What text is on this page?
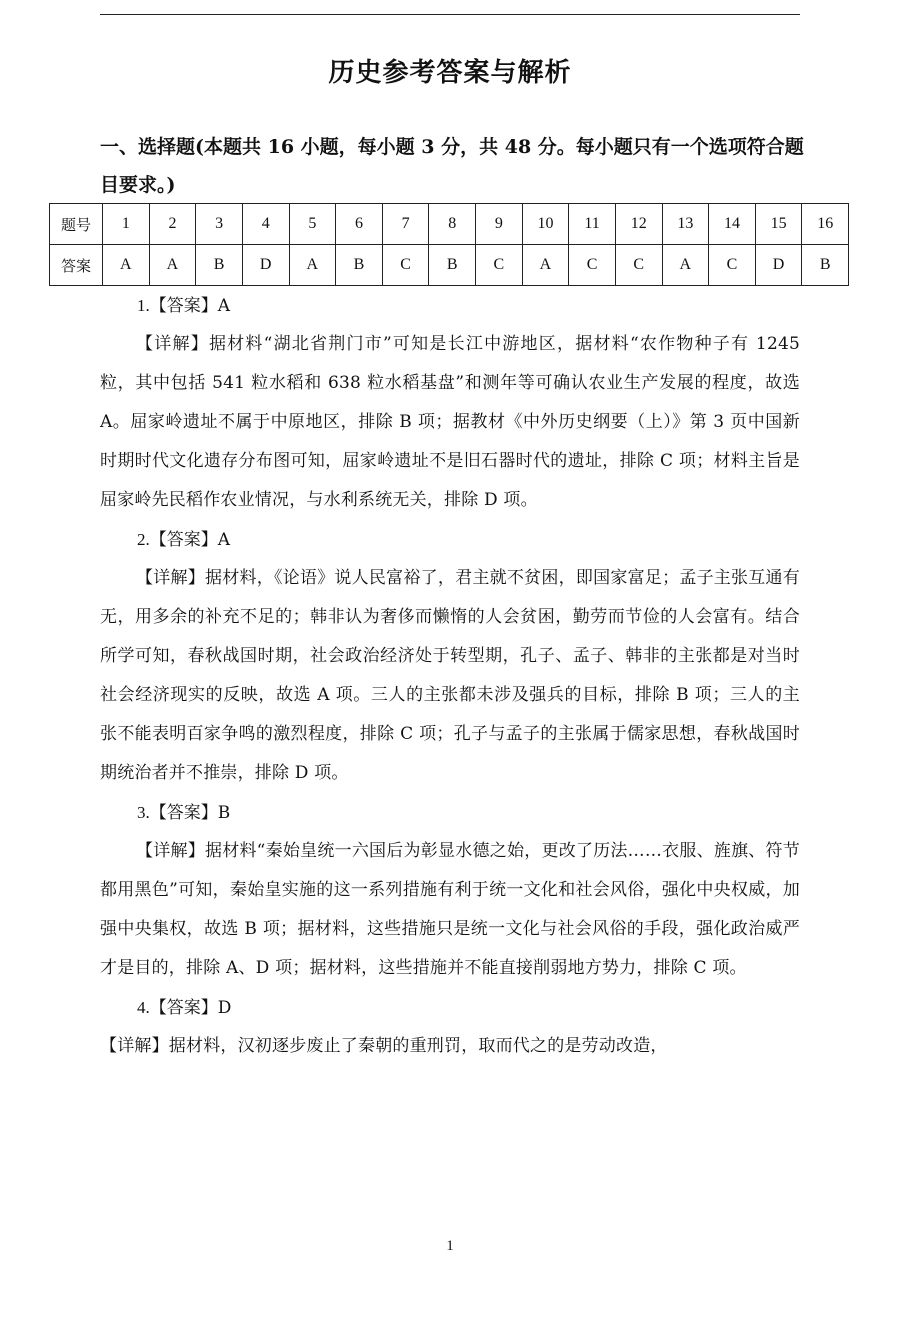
历史参考答案与解析
一、选择题(本题共 16 小题，每小题 3 分，共 48 分。每小题只有一个选项符合题目要求。)
题号	1	2	3	4	5	6	7	8	9	10	11	12	13	14	15	16
答案	A	A	B	D	A	B	C	B	C	A	C	C	A	C	D	B
1.【答案】A

【详解】据材料“湖北省荆门市”可知是长江中游地区，据材料“农作物种子有 1245 粒，其中包括 541 粒水稻和 638 粒水稻基盘”和测年等可确认农业生产发展的程度，故选 A。屈家岭遗址不属于中原地区，排除 B 项；据教材《中外历史纲要（上）》第 3 页中国新时期时代文化遗存分布图可知，屈家岭遗址不是旧石器时代的遗址，排除 C 项；材料主旨是屈家岭先民稻作农业情况，与水利系统无关，排除 D 项。

2.【答案】A

【详解】据材料，《论语》说人民富裕了，君主就不贫困，即国家富足；孟子主张互通有无，用多余的补充不足的；韩非认为奢侈而懒惰的人会贫困，勤劳而节俭的人会富有。结合所学可知，春秋战国时期，社会政治经济处于转型期，孔子、孟子、韩非的主张都是对当时社会经济现实的反映，故选 A 项。三人的主张都未涉及强兵的目标，排除 B 项；三人的主张不能表明百家争鸣的激烈程度，排除 C 项；孔子与孟子的主张属于儒家思想，春秋战国时期统治者并不推崇，排除 D 项。

3.【答案】B

【详解】据材料“秦始皇统一六国后为彰显水德之始，更改了历法……衣服、旌旗、符节都用黑色”可知，秦始皇实施的这一系列措施有利于统一文化和社会风俗，强化中央权威，加强中央集权，故选 B 项；据材料，这些措施只是统一文化与社会风俗的手段，强化政治威严才是目的，排除 A、D 项；据材料，这些措施并不能直接削弱地方势力，排除 C 项。

4.【答案】D

【详解】据材料，汉初逐步废止了秦朝的重刑罚，取而代之的是劳动改造，

1
